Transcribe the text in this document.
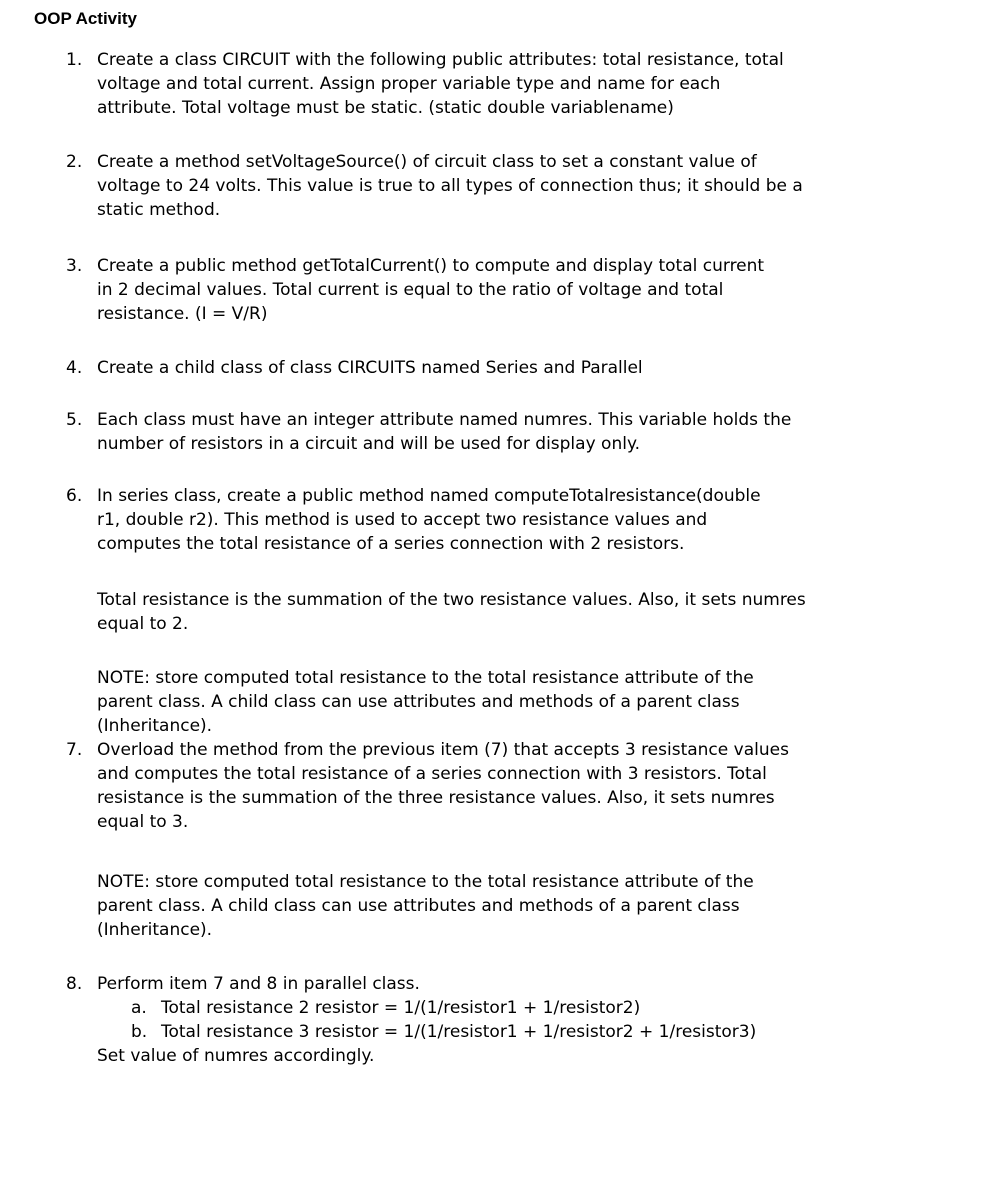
OOP Activity
1. Create a class CIRCUIT with the following public attributes: total resistance, total
voltage and total current. Assign proper variable type and name for each
attribute. Total voltage must be static. (static double variablename)
2. Create a method setVoltageSource() of circuit class to set a constant value of
voltage to 24 volts. This value is true to all types of connection thus; it should be a
static method.
3. Create a public method getTotalCurrent() to compute and display total current
in 2 decimal values. Total current is equal to the ratio of voltage and total
resistance. (I = V/R)
4. Create a child class of class CIRCUITS named Series and Parallel
5. Each class must have an integer attribute named numres. This variable holds the
number of resistors in a circuit and will be used for display only.
6. In series class, create a public method named computeTotalresistance(double
r1, double r2). This method is used to accept two resistance values and
computes the total resistance of a series connection with 2 resistors.
Total resistance is the summation of the two resistance values. Also, it sets numres
equal to 2.
NOTE: store computed total resistance to the total resistance attribute of the
parent class. A child class can use attributes and methods of a parent class
(Inheritance).
7. Overload the method from the previous item (7) that accepts 3 resistance values
and computes the total resistance of a series connection with 3 resistors. Total
resistance is the summation of the three resistance values. Also, it sets numres
equal to 3.
NOTE: store computed total resistance to the total resistance attribute of the
parent class. A child class can use attributes and methods of a parent class
(Inheritance).
8. Perform item 7 and 8 in parallel class.
a. Total resistance 2 resistor = 1/(1/resistor1 + 1/resistor2)
b. Total resistance 3 resistor = 1/(1/resistor1 + 1/resistor2 + 1/resistor3)
Set value of numres accordingly.
